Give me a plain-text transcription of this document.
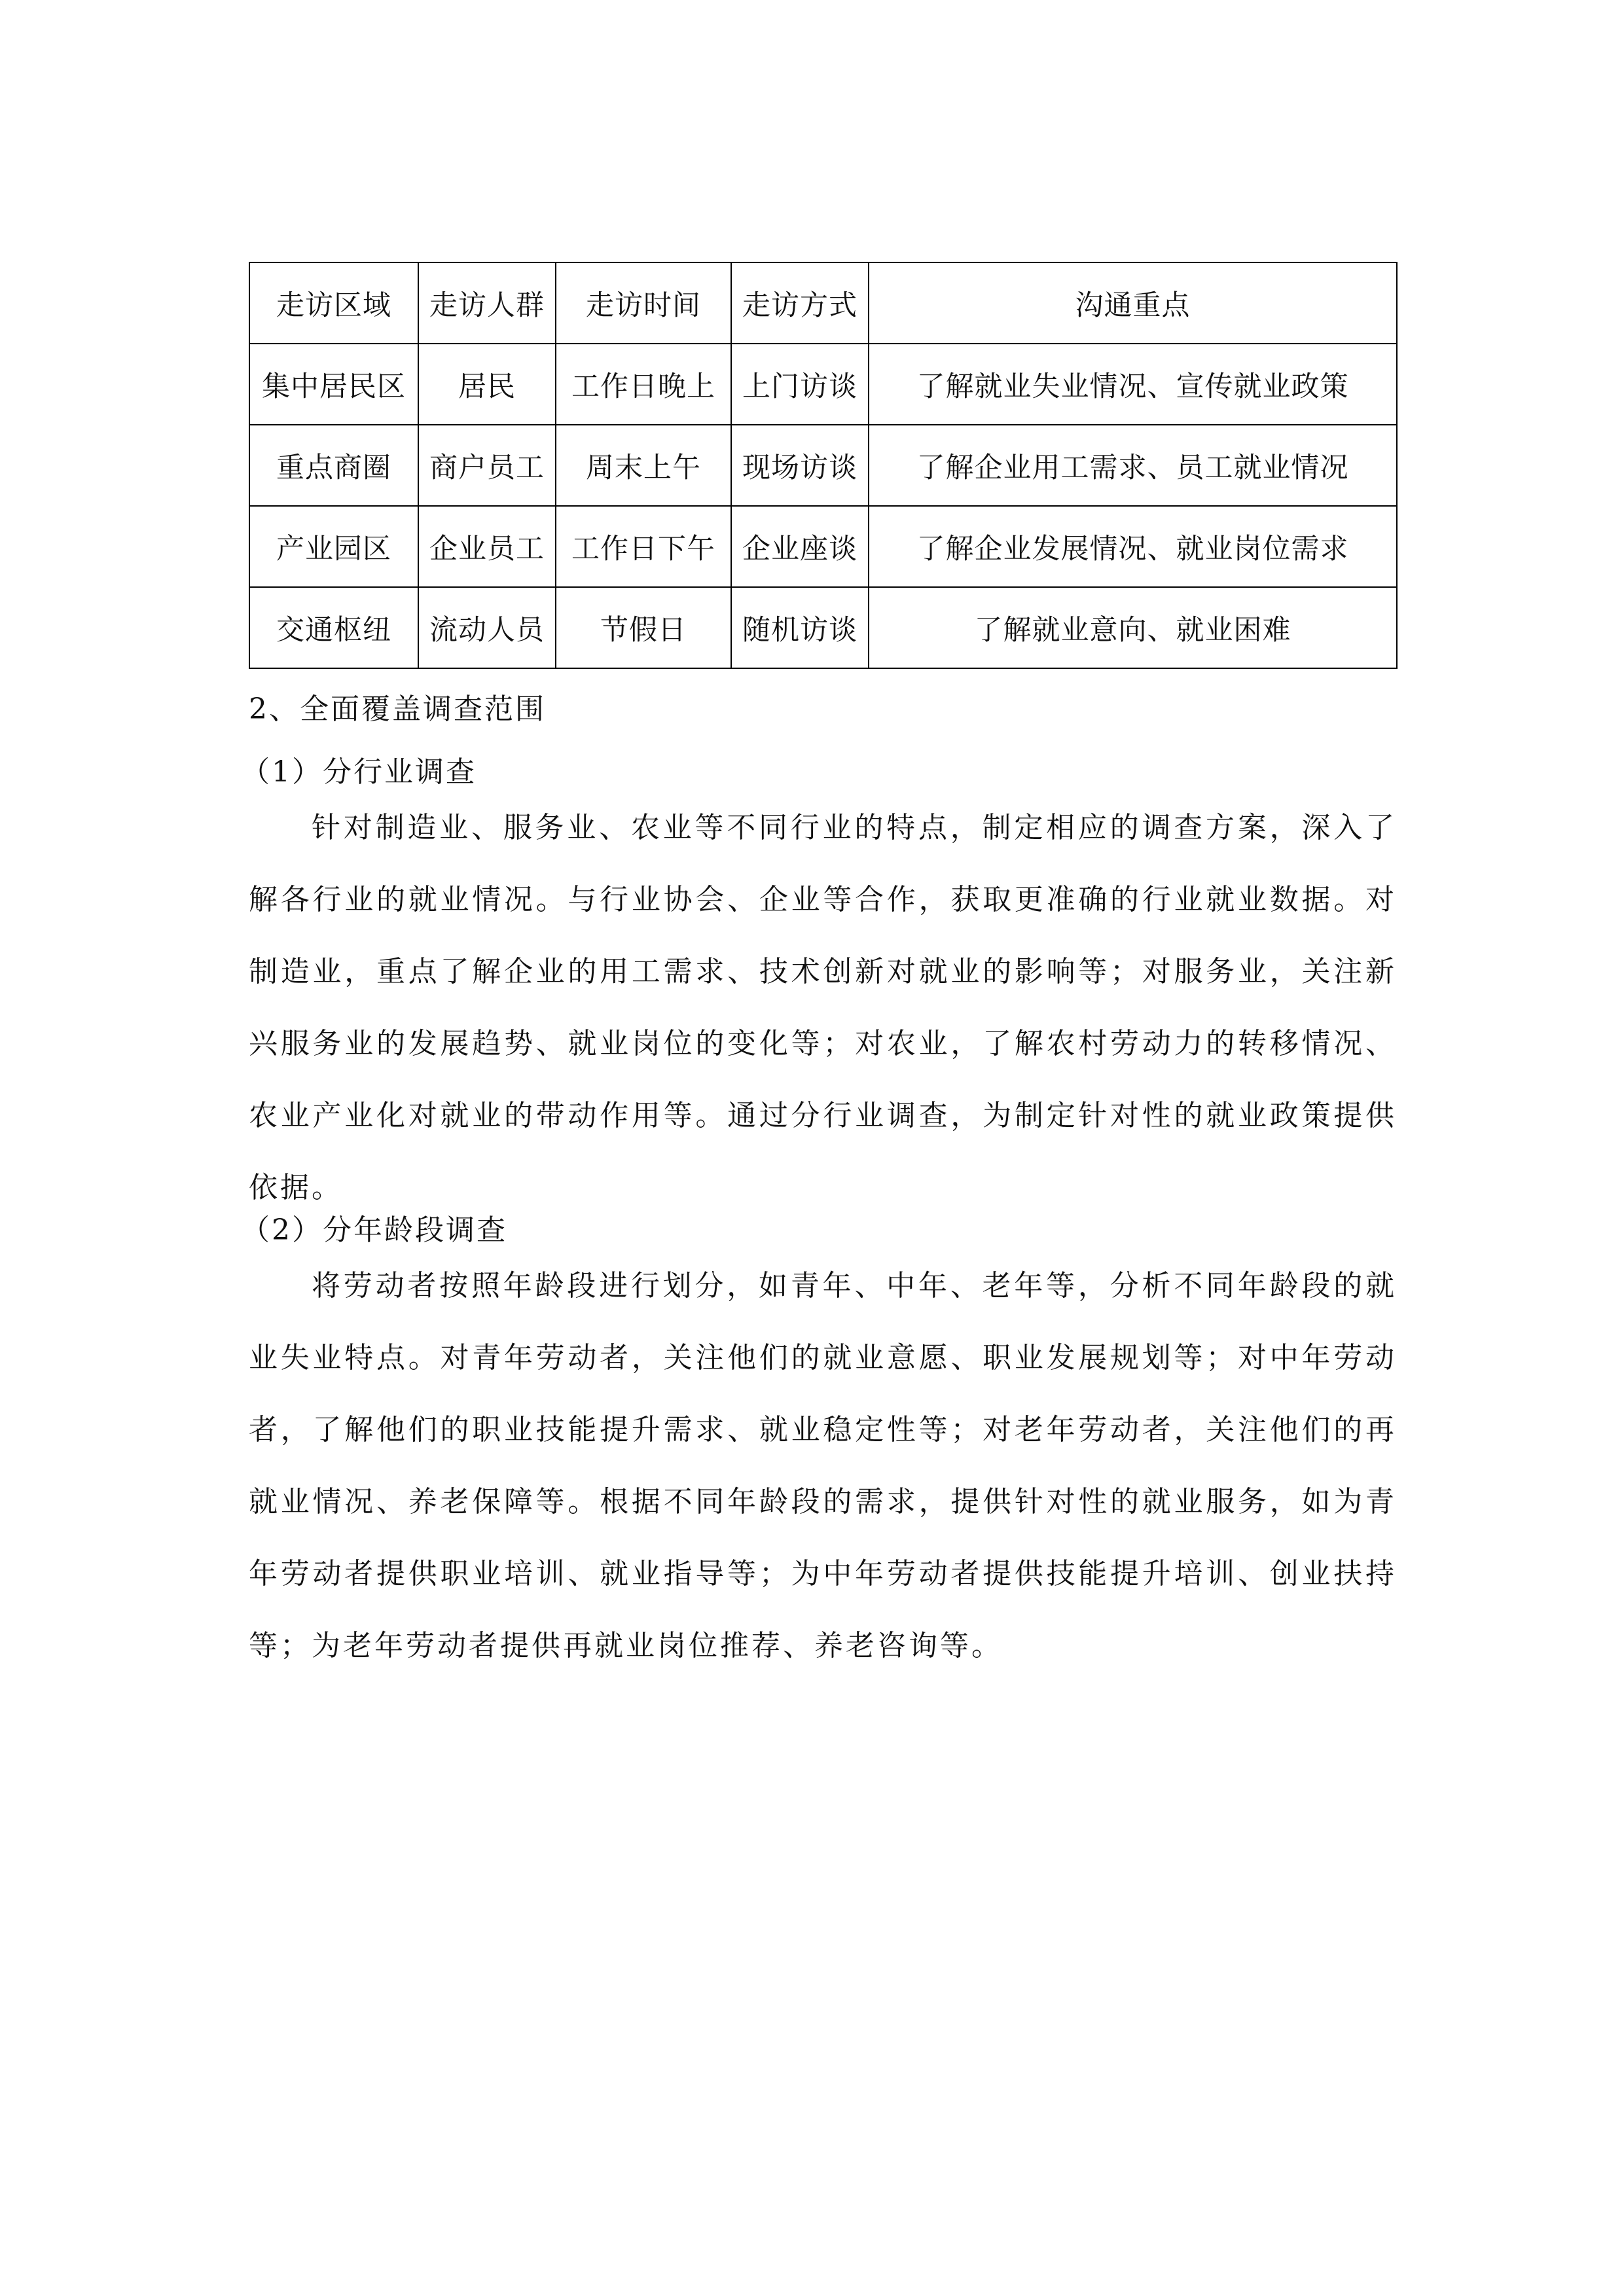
走访区域	走访人群	走访时间	走访方式	沟通重点
集中居民区	居民	工作日晚上	上门访谈	了解就业失业情况、宣传就业政策
重点商圈	商户员工	周末上午	现场访谈	了解企业用工需求、员工就业情况
产业园区	企业员工	工作日下午	企业座谈	了解企业发展情况、就业岗位需求
交通枢纽	流动人员	节假日	随机访谈	了解就业意向、就业困难
2、全面覆盖调查范围
（1）分行业调查

针对制造业、服务业、农业等不同行业的特点，制定相应的调查方案，深入了解各行业的就业情况。与行业协会、企业等合作，获取更准确的行业就业数据。对制造业，重点了解企业的用工需求、技术创新对就业的影响等；对服务业，关注新兴服务业的发展趋势、就业岗位的变化等；对农业，了解农村劳动力的转移情况、农业产业化对就业的带动作用等。通过分行业调查，为制定针对性的就业政策提供依据。

（2）分年龄段调查

将劳动者按照年龄段进行划分，如青年、中年、老年等，分析不同年龄段的就业失业特点。对青年劳动者，关注他们的就业意愿、职业发展规划等；对中年劳动者，了解他们的职业技能提升需求、就业稳定性等；对老年劳动者，关注他们的再就业情况、养老保障等。根据不同年龄段的需求，提供针对性的就业服务，如为青年劳动者提供职业培训、就业指导等；为中年劳动者提供技能提升培训、创业扶持等；为老年劳动者提供再就业岗位推荐、养老咨询等。
